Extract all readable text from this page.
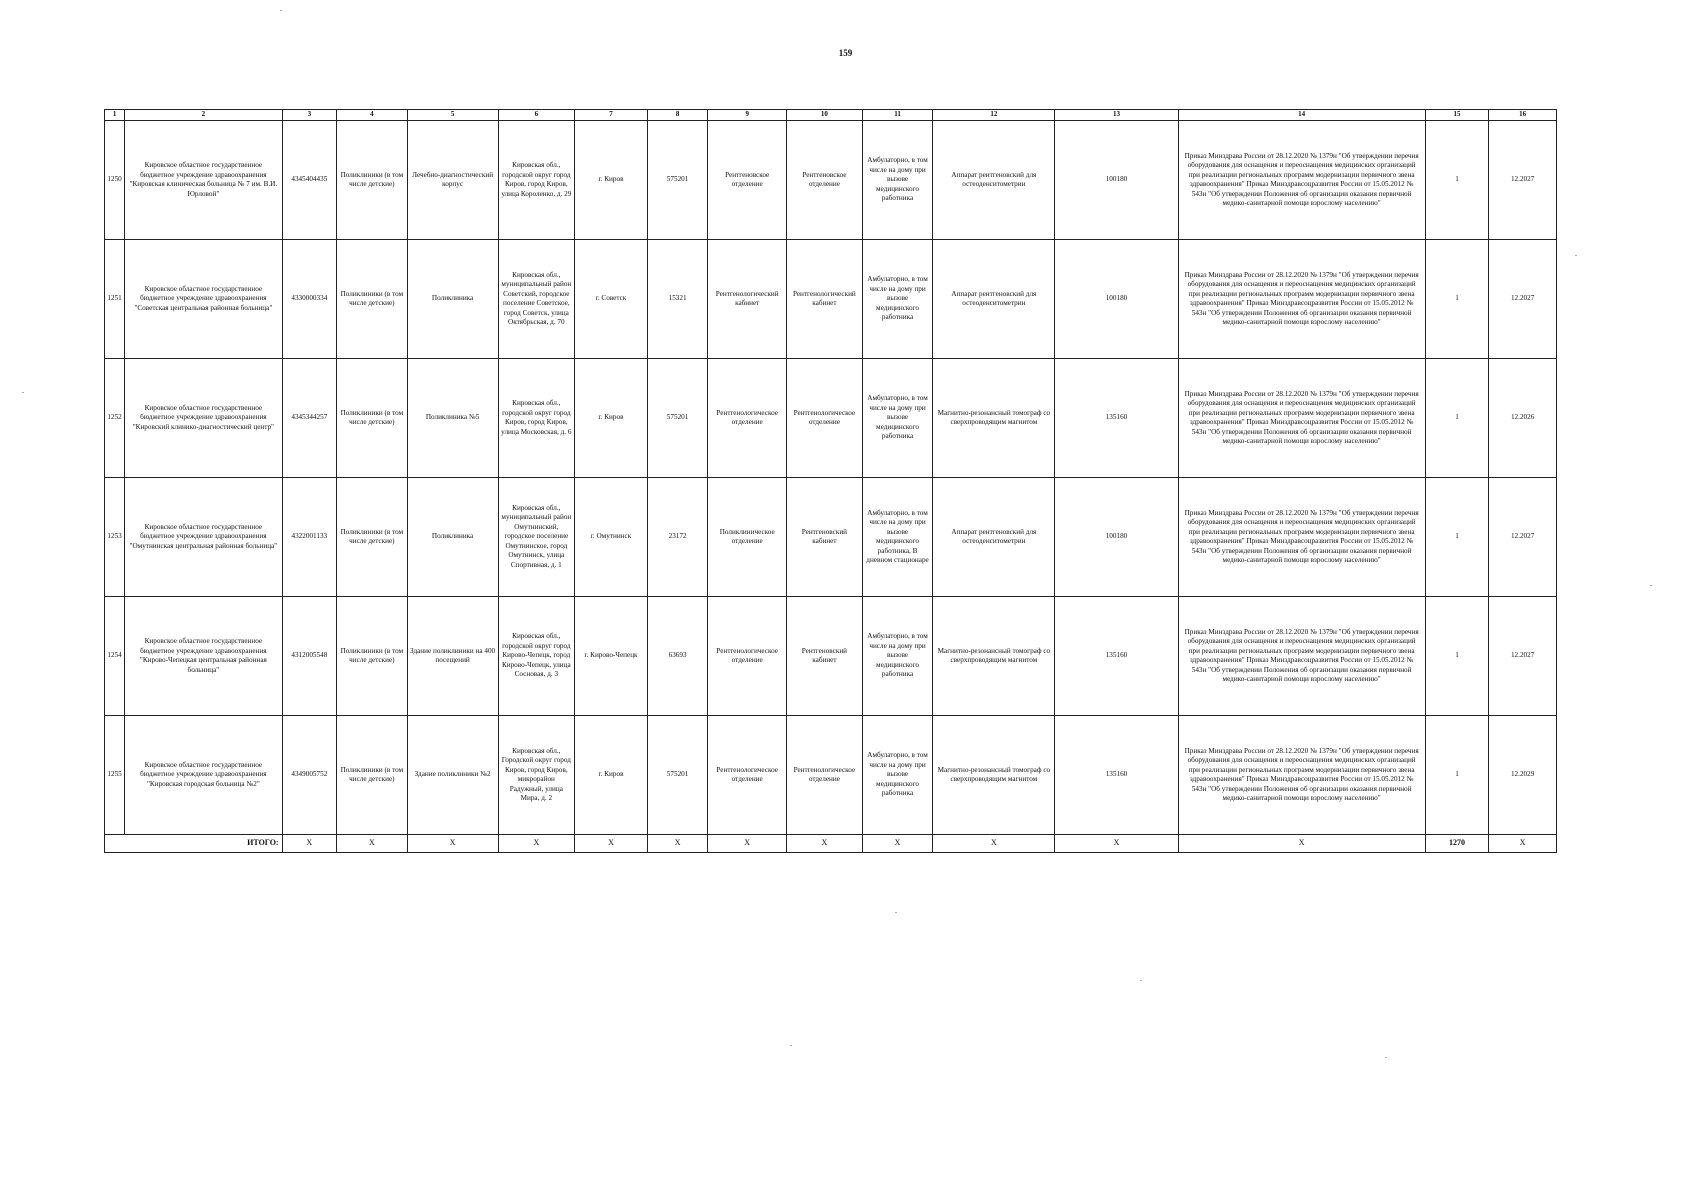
159
1	2	3	4	5	6	7	8	9	10	11	12	13	14	15	16
1250	Кировское областное государственное бюджетное учреждение здравоохранения "Кировская клиническая больница № 7 им. В.И. Юрловой"	4345404435	Поликлиники (в том числе детские)	Лечебно-диагностический корпус	Кировская обл., городской округ город Киров, город Киров, улица Короленко, д. 29	г. Киров	575201	Рентгеновское отделение	Рентгеновское отделение	Амбулаторно, в том числе на дому при вызове медицинского работника	Аппарат рентгеновский для остеоденситометрии	100180	Приказ Минздрава России от 28.12.2020 № 1379н "Об утверждении перечня оборудования для оснащения и переоснащения медицинских организаций при реализации региональных программ модернизации первичного звена здравоохранения" Приказ Минздравсоцразвития России от 15.05.2012 № 543н "Об утверждении Положения об организации оказания первичной медико-санитарной помощи взрослому населению"	1	12.2027
1251	Кировское областное государственное бюджетное учреждение здравоохранения "Советская центральная районная больница"	4330000334	Поликлиники (в том числе детские)	Поликлиника	Кировская обл., муниципальный район Советский, городское поселение Советское, город Советск, улица Октябрьская, д. 70	г. Советск	15321	Рентгенологический кабинет	Рентгенологический кабинет	Амбулаторно, в том числе на дому при вызове медицинского работника	Аппарат рентгеновский для остеоденситометрии	100180	Приказ Минздрава России от 28.12.2020 № 1379н "Об утверждении перечня оборудования для оснащения и переоснащения медицинских организаций при реализации региональных программ модернизации первичного звена здравоохранения" Приказ Минздравсоцразвития России от 15.05.2012 № 543н "Об утверждении Положения об организации оказания первичной медико-санитарной помощи взрослому населению"	1	12.2027
1252	Кировское областное государственное бюджетное учреждение здравоохранения "Кировский клинико-диагностический центр"	4345344257	Поликлиники (в том числе детские)	Поликлиника №5	Кировская обл., городской округ город Киров, город Киров, улица Московская, д. 6	г. Киров	575201	Рентгенологическое отделение	Рентгенологическое отделение	Амбулаторно, в том числе на дому при вызове медицинского работника	Магнитно-резонансный томограф со сверхпроводящим магнитом	135160	Приказ Минздрава России от 28.12.2020 № 1379н "Об утверждении перечня оборудования для оснащения и переоснащения медицинских организаций при реализации региональных программ модернизации первичного звена здравоохранения" Приказ Минздравсоцразвития России от 15.05.2012 № 543н "Об утверждении Положения об организации оказания первичной медико-санитарной помощи взрослому населению"	1	12.2026
1253	Кировское областное государственное бюджетное учреждение здравоохранения "Омутнинская центральная районная больница"	4322001133	Поликлиники (в том числе детские)	Поликлиника	Кировская обл., муниципальный район Омутнинский, городское поселение Омутнинское, город Омутнинск, улица Спортивная, д. 1	г. Омутнинск	23172	Поликлиническое отделение	Рентгеновский кабинет	Амбулаторно, в том числе на дому при вызове медицинского работника, В дневном стационаре	Аппарат рентгеновский для остеоденситометрии	100180	Приказ Минздрава России от 28.12.2020 № 1379н "Об утверждении перечня оборудования для оснащения и переоснащения медицинских организаций при реализации региональных программ модернизации первичного звена здравоохранения" Приказ Минздравсоцразвития России от 15.05.2012 № 543н "Об утверждении Положения об организации оказания первичной медико-санитарной помощи взрослому населению"	1	12.2027
1254	Кировское областное государственное бюджетное учреждение здравоохранения "Кирово-Чепецкая центральная районная больница"	4312005548	Поликлиники (в том числе детские)	Здание поликлиники на 400 посещений	Кировская обл., городской округ город Кирово-Чепецк, город Кирово-Чепецк, улица Сосновая, д. 3	г. Кирово-Чепецк	63693	Рентгенологическое отделение	Рентгеновский кабинет	Амбулаторно, в том числе на дому при вызове медицинского работника	Магнитно-резонансный томограф со сверхпроводящим магнитом	135160	Приказ Минздрава России от 28.12.2020 № 1379н "Об утверждении перечня оборудования для оснащения и переоснащения медицинских организаций при реализации региональных программ модернизации первичного звена здравоохранения" Приказ Минздравсоцразвития России от 15.05.2012 № 543н "Об утверждении Положения об организации оказания первичной медико-санитарной помощи взрослому населению"	1	12.2027
1255	Кировское областное государственное бюджетное учреждение здравоохранения "Кировская городская больница №2"	4349005752	Поликлиники (в том числе детские)	Здание поликлиники №2	Кировская обл., Городской округ город Киров, город Киров, микрорайон Радужный, улица Мира, д. 2	г. Киров	575201	Рентгенологическое отделение	Рентгенологическое отделение	Амбулаторно, в том числе на дому при вызове медицинского работника	Магнитно-резонансный томограф со сверхпроводящим магнитом	135160	Приказ Минздрава России от 28.12.2020 № 1379н "Об утверждении перечня оборудования для оснащения и переоснащения медицинских организаций при реализации региональных программ модернизации первичного звена здравоохранения" Приказ Минздравсоцразвития России от 15.05.2012 № 543н "Об утверждении Положения об организации оказания первичной медико-санитарной помощи взрослому населению"	1	12.2029
ИТОГО:		X	X	X	X	X	X	X	X	X	X	X	X	1270	X
